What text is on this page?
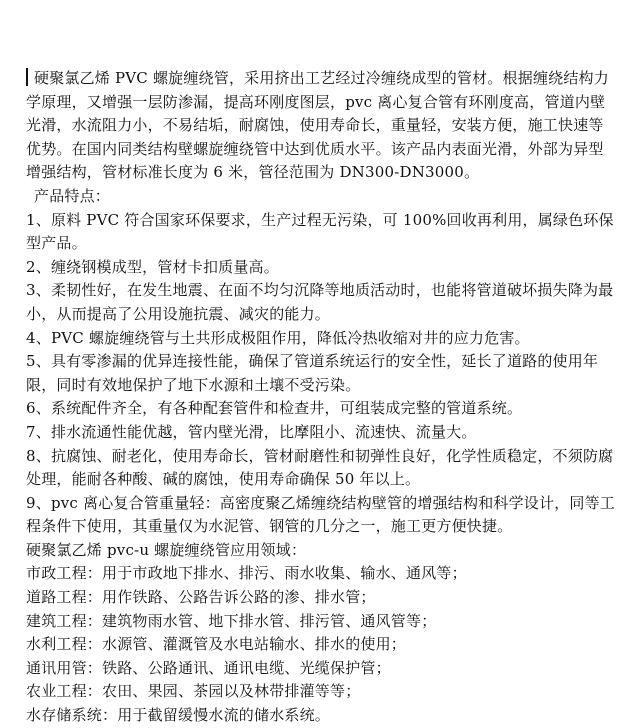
硬聚氯乙烯 PVC 螺旋缠绕管，采用挤出工艺经过冷缠绕成型的管材。根据缠绕结构力学原理，又增强一层防渗漏，提高环刚度图层，pvc 离心复合管有环刚度高，管道内壁光滑，水流阻力小，不易结垢，耐腐蚀，使用寿命长，重量轻，安装方便，施工快速等优势。在国内同类结构壁螺旋缠绕管中达到优质水平。该产品内表面光滑，外部为异型增强结构，管材标准长度为 6 米，管径范围为 DN300-DN3000。

产品特点：

1、原料 PVC 符合国家环保要求，生产过程无污染，可 100%回收再利用，属绿色环保型产品。

2、缠绕钢模成型，管材卡扣质量高。

3、柔韧性好，在发生地震、在面不均匀沉降等地质活动时，也能将管道破坏损失降为最小，从而提高了公用设施抗震、减灾的能力。

4、PVC 螺旋缠绕管与土共形成极阻作用，降低冷热收缩对井的应力危害。

5、具有零渗漏的优异连接性能，确保了管道系统运行的安全性，延长了道路的使用年限，同时有效地保护了地下水源和土壤不受污染。

6、系统配件齐全，有各种配套管件和检查井，可组装成完整的管道系统。

7、排水流通性能优越，管内壁光滑，比摩阻小、流速快、流量大。

8、抗腐蚀、耐老化，使用寿命长，管材耐磨性和韧弹性良好，化学性质稳定，不须防腐处理，能耐各种酸、碱的腐蚀，使用寿命确保 50 年以上。

9、pvc 离心复合管重量轻：高密度聚乙烯缠绕结构壁管的增强结构和科学设计，同等工程条件下使用，其重量仅为水泥管、钢管的几分之一，施工更方便快捷。

硬聚氯乙烯 pvc-u 螺旋缠绕管应用领域：

市政工程：用于市政地下排水、排污、雨水收集、输水、通风等；

道路工程：用作铁路、公路告诉公路的渗、排水管；

建筑工程：建筑物雨水管、地下排水管、排污管、通风管等；

水利工程：水源管、灌溉管及水电站输水、排水的使用；

通讯用管：铁路、公路通讯、通讯电缆、光缆保护管；

农业工程：农田、果园、茶园以及林带排灌等等；

水存储系统：用于截留缓慢水流的储水系统。
